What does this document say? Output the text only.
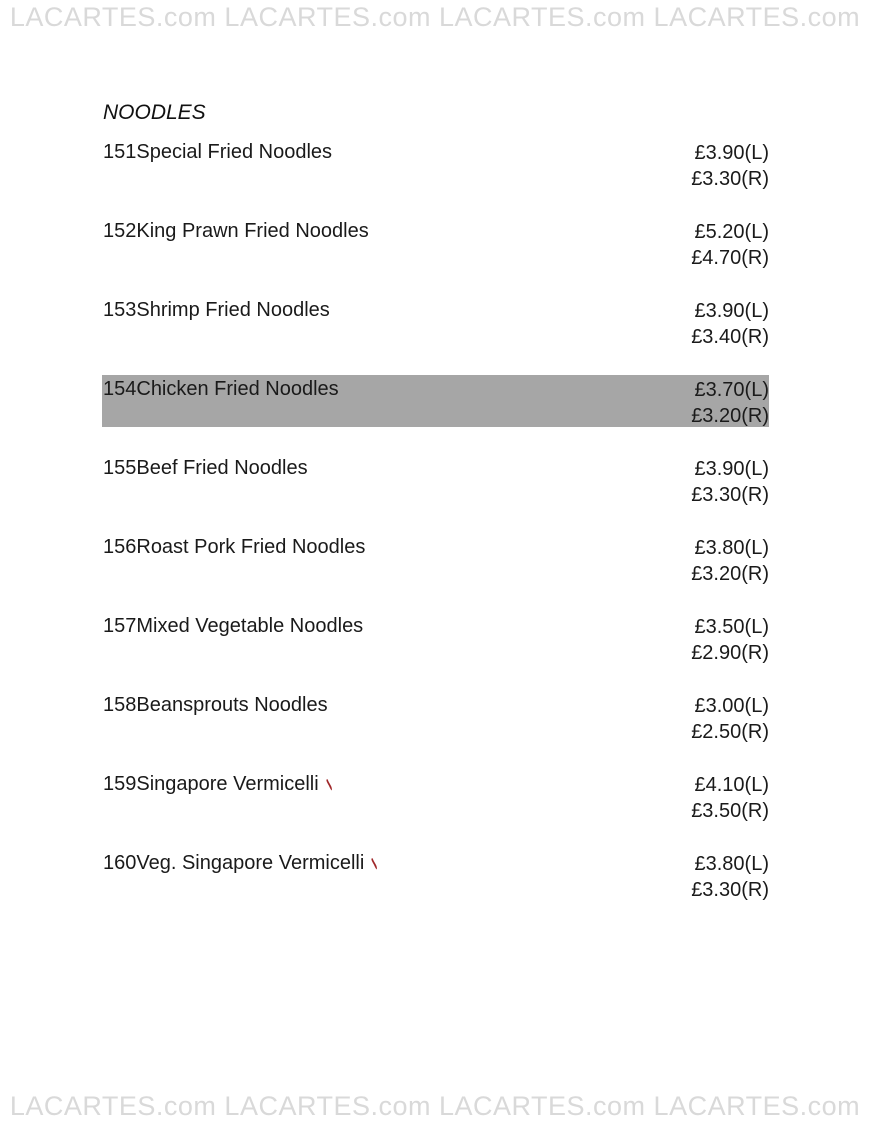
LACARTES.com LACARTES.com LACARTES.com LACARTES.com
NOODLES
151Special Fried Noodles	£3.90(L)
£3.30(R)
152King Prawn Fried Noodles	£5.20(L)
£4.70(R)
153Shrimp Fried Noodles	£3.90(L)
£3.40(R)
154Chicken Fried Noodles	£3.70(L)
£3.20(R)
155Beef Fried Noodles	£3.90(L)
£3.30(R)
156Roast Pork Fried Noodles	£3.80(L)
£3.20(R)
157Mixed Vegetable Noodles	£3.50(L)
£2.90(R)
158Beansprouts Noodles	£3.00(L)
£2.50(R)
159Singapore Vermicelli	£4.10(L)
£3.50(R)
160Veg. Singapore Vermicelli	£3.80(L)
£3.30(R)
LACARTES.com LACARTES.com LACARTES.com LACARTES.com
